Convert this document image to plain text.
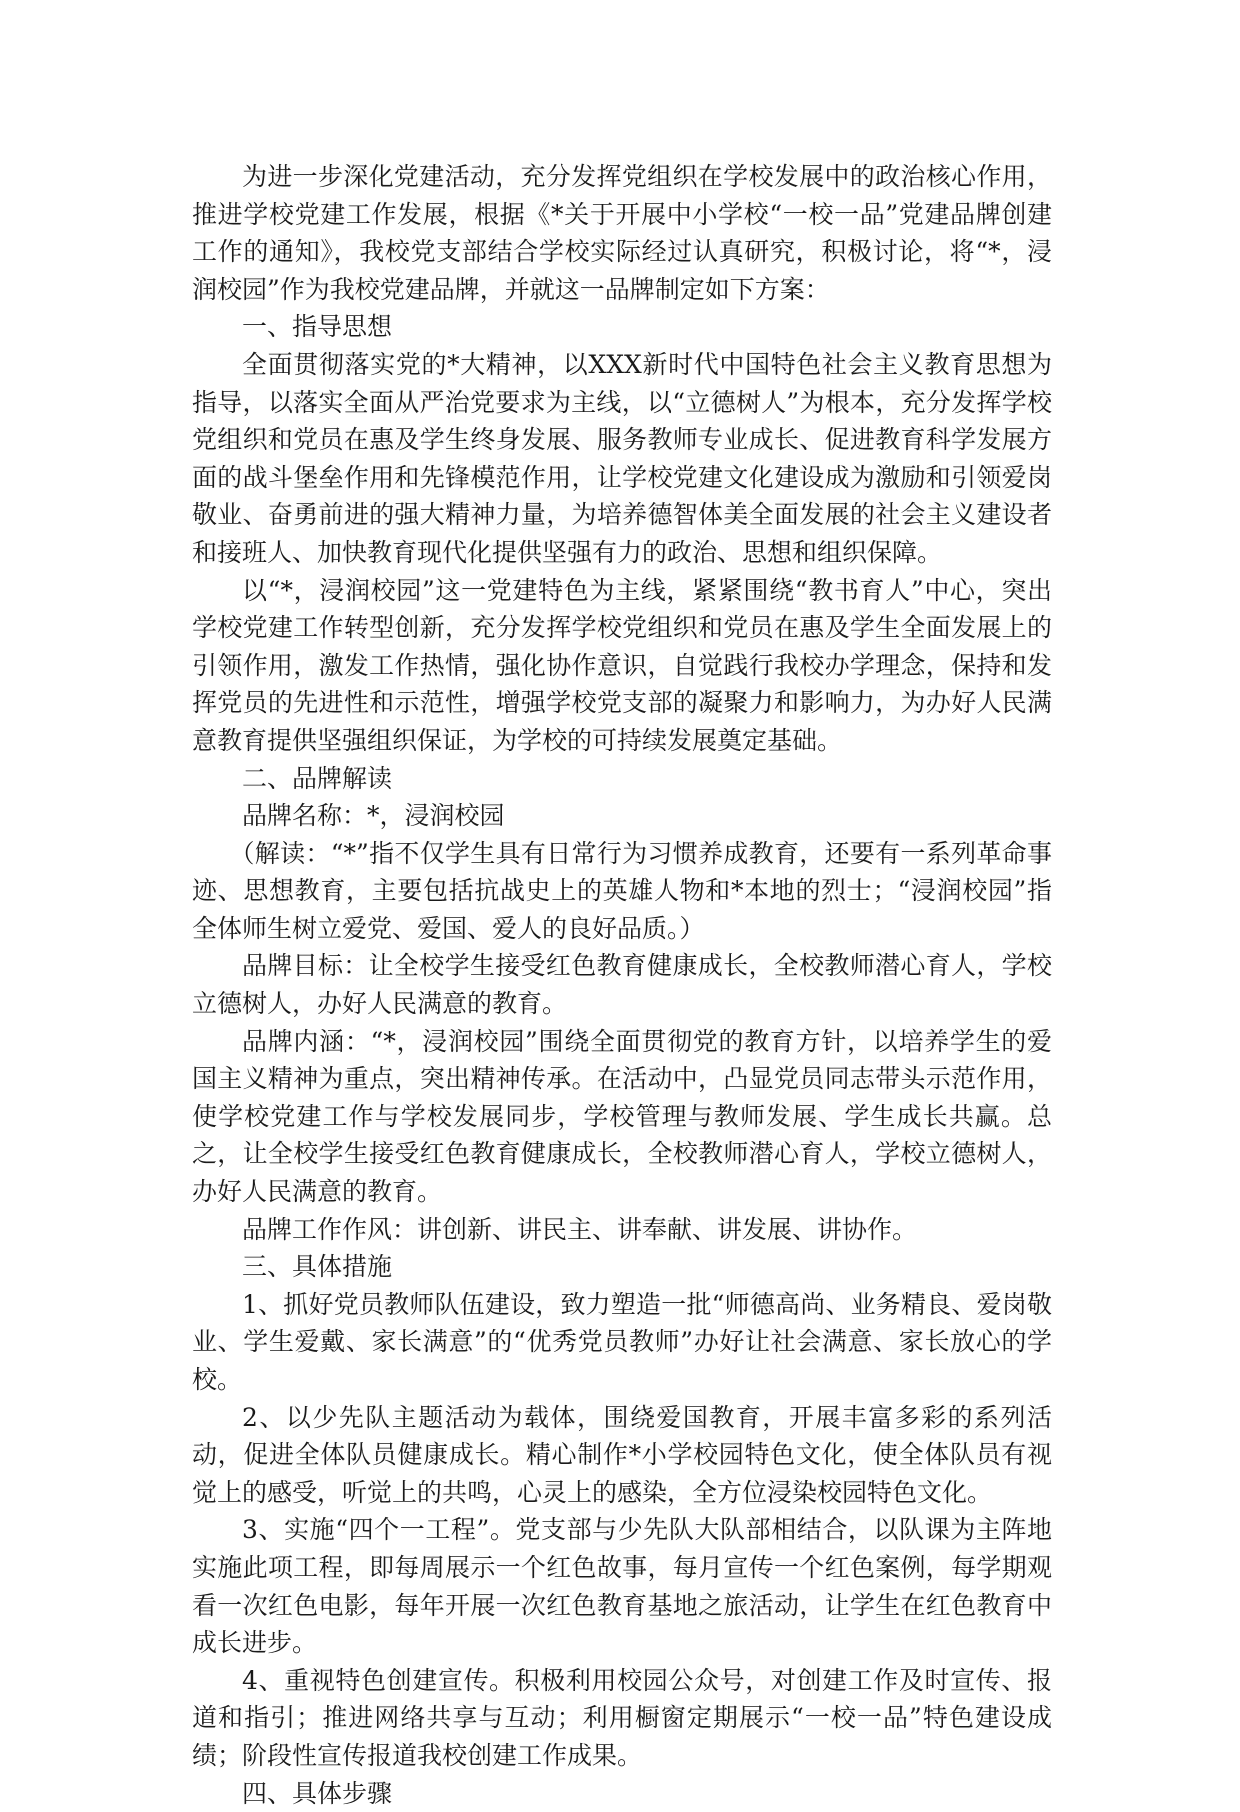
为进一步深化党建活动，充分发挥党组织在学校发展中的政治核心作用，推进学校党建工作发展，根据《*关于开展中小学校“一校一品”党建品牌创建工作的通知》，我校党支部结合学校实际经过认真研究，积极讨论，将“*，浸润校园”作为我校党建品牌，并就这一品牌制定如下方案：

一、指导思想

全面贯彻落实党的*大精神，以XXX新时代中国特色社会主义教育思想为指导，以落实全面从严治党要求为主线，以“立德树人”为根本，充分发挥学校党组织和党员在惠及学生终身发展、服务教师专业成长、促进教育科学发展方面的战斗堡垒作用和先锋模范作用，让学校党建文化建设成为激励和引领爱岗敬业、奋勇前进的强大精神力量，为培养德智体美全面发展的社会主义建设者和接班人、加快教育现代化提供坚强有力的政治、思想和组织保障。

以“*，浸润校园”这一党建特色为主线，紧紧围绕“教书育人”中心，突出学校党建工作转型创新，充分发挥学校党组织和党员在惠及学生全面发展上的引领作用，激发工作热情，强化协作意识，自觉践行我校办学理念，保持和发挥党员的先进性和示范性，增强学校党支部的凝聚力和影响力，为办好人民满意教育提供坚强组织保证，为学校的可持续发展奠定基础。

二、品牌解读

品牌名称：*，浸润校园

（解读：“*”指不仅学生具有日常行为习惯养成教育，还要有一系列革命事迹、思想教育，主要包括抗战史上的英雄人物和*本地的烈士；“浸润校园”指全体师生树立爱党、爱国、爱人的良好品质。）

品牌目标：让全校学生接受红色教育健康成长，全校教师潜心育人，学校立德树人，办好人民满意的教育。

品牌内涵：“*，浸润校园”围绕全面贯彻党的教育方针，以培养学生的爱国主义精神为重点，突出精神传承。在活动中，凸显党员同志带头示范作用，使学校党建工作与学校发展同步，学校管理与教师发展、学生成长共赢。总之，让全校学生接受红色教育健康成长，全校教师潜心育人，学校立德树人，办好人民满意的教育。

品牌工作作风：讲创新、讲民主、讲奉献、讲发展、讲协作。

三、具体措施

1、抓好党员教师队伍建设，致力塑造一批“师德高尚、业务精良、爱岗敬业、学生爱戴、家长满意”的“优秀党员教师”办好让社会满意、家长放心的学校。

2、以少先队主题活动为载体，围绕爱国教育，开展丰富多彩的系列活动，促进全体队员健康成长。精心制作*小学校园特色文化，使全体队员有视觉上的感受，听觉上的共鸣，心灵上的感染，全方位浸染校园特色文化。

3、实施“四个一工程”。党支部与少先队大队部相结合，以队课为主阵地实施此项工程，即每周展示一个红色故事，每月宣传一个红色案例，每学期观看一次红色电影，每年开展一次红色教育基地之旅活动，让学生在红色教育中成长进步。

4、重视特色创建宣传。积极利用校园公众号，对创建工作及时宣传、报道和指引；推进网络共享与互动；利用橱窗定期展示“一校一品”特色建设成绩；阶段性宣传报道我校创建工作成果。

四、具体步骤
